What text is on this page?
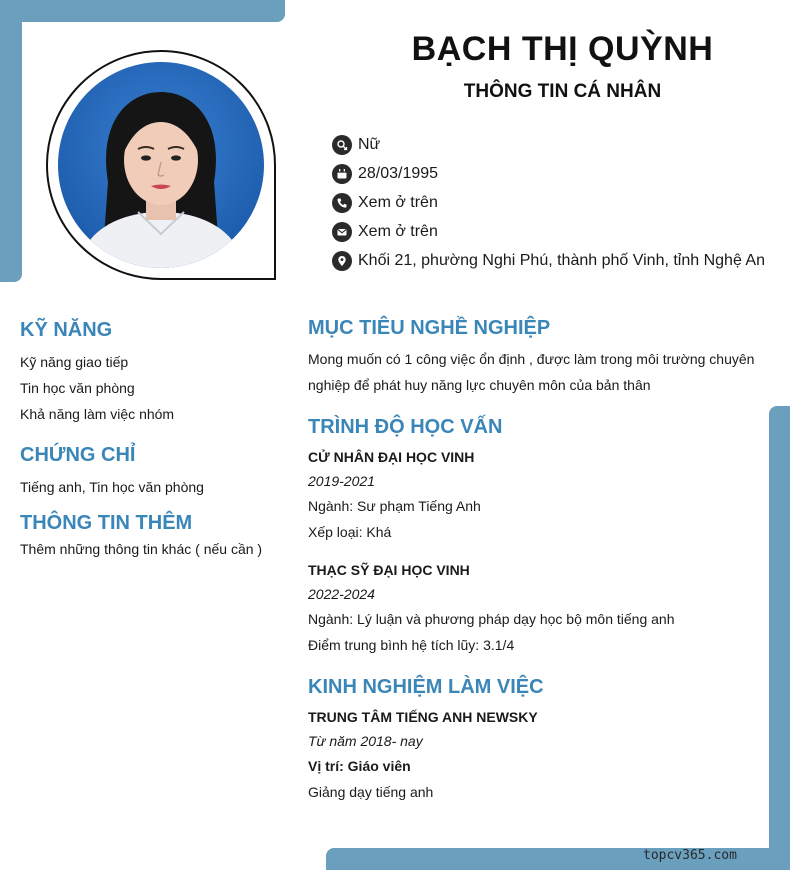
BẠCH THỊ QUỲNH
THÔNG TIN CÁ NHÂN
Nữ
28/03/1995
Xem ở trên
Xem ở trên
Khối 21, phường Nghi Phú, thành phố Vinh, tỉnh Nghệ An
KỸ NĂNG
Kỹ năng giao tiếp
Tin học văn phòng
Khả năng làm việc nhóm
CHỨNG CHỈ
Tiếng anh, Tin học văn phòng
THÔNG TIN THÊM
Thêm những thông tin khác ( nếu cần )
MỤC TIÊU NGHỀ NGHIỆP
Mong muốn có 1 công việc ổn định , được làm trong môi trường chuyên nghiệp để phát huy năng lực chuyên môn của bản thân
TRÌNH ĐỘ HỌC VẤN
CỬ NHÂN ĐẠI HỌC VINH
2019-2021
Ngành: Sư phạm Tiếng Anh
Xếp loại: Khá
THẠC SỸ ĐẠI HỌC VINH
2022-2024
Ngành: Lý luận và phương pháp dạy học bộ môn tiếng anh
Điểm trung bình hệ tích lũy: 3.1/4
KINH NGHIỆM LÀM VIỆC
TRUNG TÂM TIẾNG ANH NEWSKY
Từ năm 2018- nay
Vị trí: Giáo viên
Giảng dạy tiếng anh
topcv365.com
